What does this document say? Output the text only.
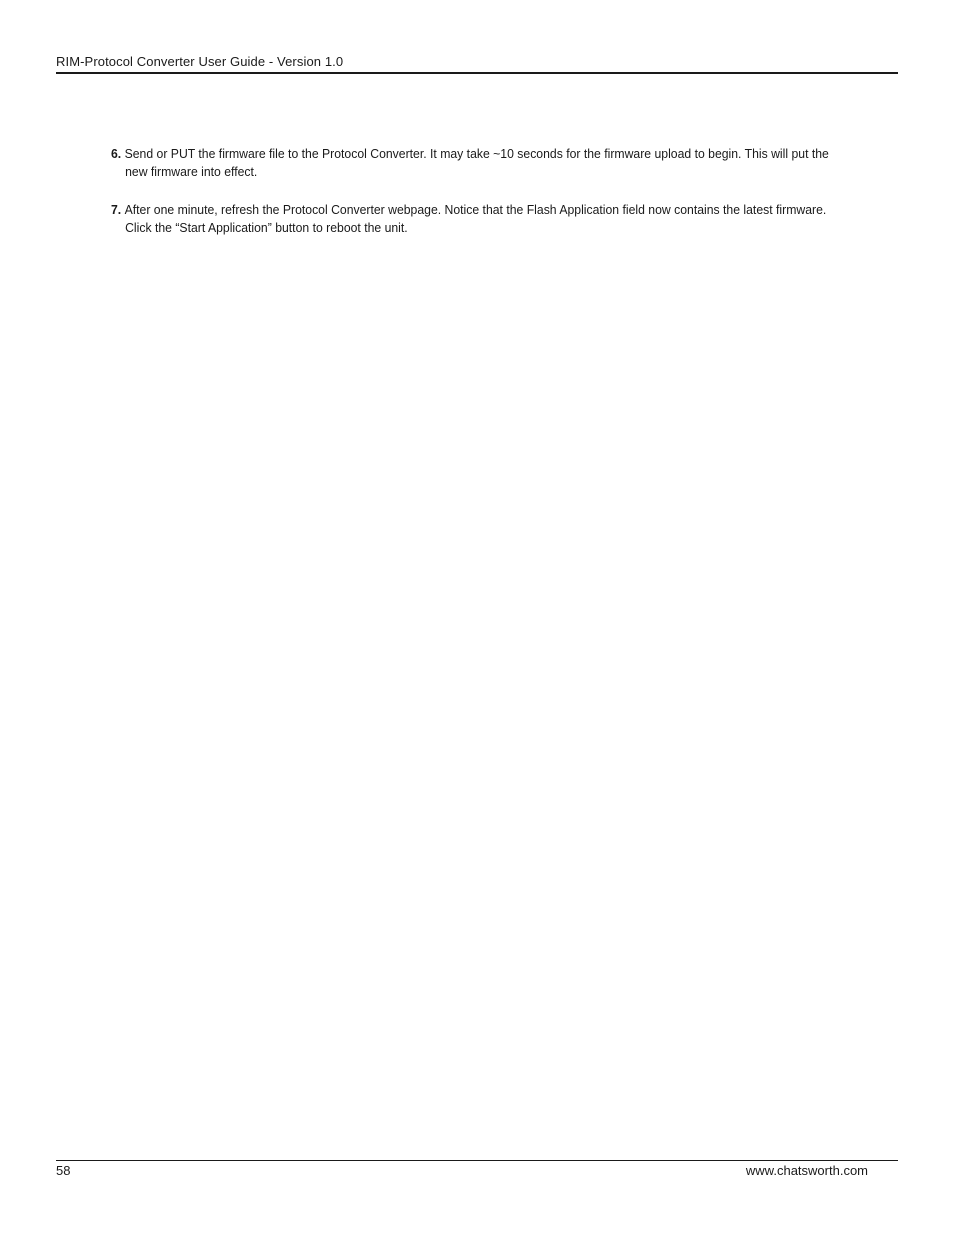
RIM-Protocol Converter User Guide - Version 1.0
6. Send or PUT the firmware file to the Protocol Converter. It may take ~10 seconds for the firmware upload to begin. This will put the new firmware into effect.
7. After one minute, refresh the Protocol Converter webpage. Notice that the Flash Application field now contains the latest firmware. Click the “Start Application” button to reboot the unit.
58	www.chatsworth.com
